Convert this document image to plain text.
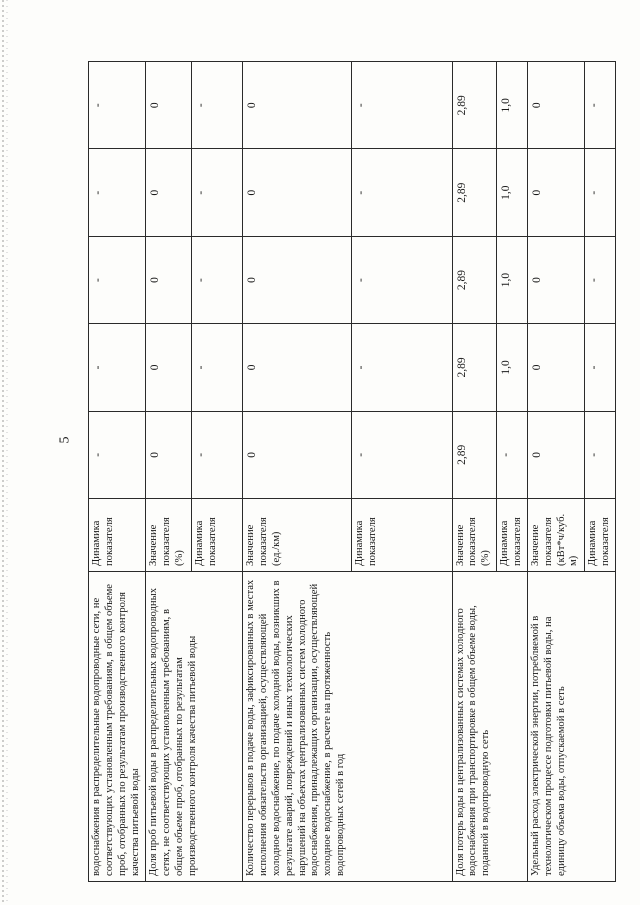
5
водоснабжения в распределительные водопроводные сети, не соответствующих установленным требованиям, в общем объеме проб, отобранных по результатам производственного контроля качества питьевой воды	Динамика показателя	-	-	-	-	-
Доля проб питьевой воды в распределительных водопроводных сетях, не соответствующих установленным требованиям, в общем объеме проб, отобранных по результатам производственного контроля качества питьевой воды	Значение показателя (%)	0	0	0	0	0
	Динамика показателя	-	-	-	-	-
Количество перерывов в подаче воды, зафиксированных в местах исполнения обязательств организацией, осуществляющей холодное водоснабжение, по подаче холодной воды, возникших в результате аварий, повреждений и иных технологических нарушений на объектах централизованных систем холодного водоснабжения, принадлежащих организации, осуществляющей холодное водоснабжение, в расчете на протяженность водопроводных сетей в год	Значение показателя (ед./км)	0	0	0	0	0
	Динамика показателя	-	-	-	-	-
Доля потерь воды в централизованных системах холодного водоснабжения при транспортировке в общем объеме воды, поданной в водопроводную сеть	Значение показателя (%)	2,89	2,89	2,89	2,89	2,89
	Динамика показателя	-	1,0	1,0	1,0	1,0
Удельный расход электрической энергии, потребляемой в технологическом процессе подготовки питьевой воды, на единицу объема воды, отпускаемой в сеть	Значение показателя (кВт*ч/куб. м)	0	0	0	0	0
	Динамика показателя	-	-	-	-	-
